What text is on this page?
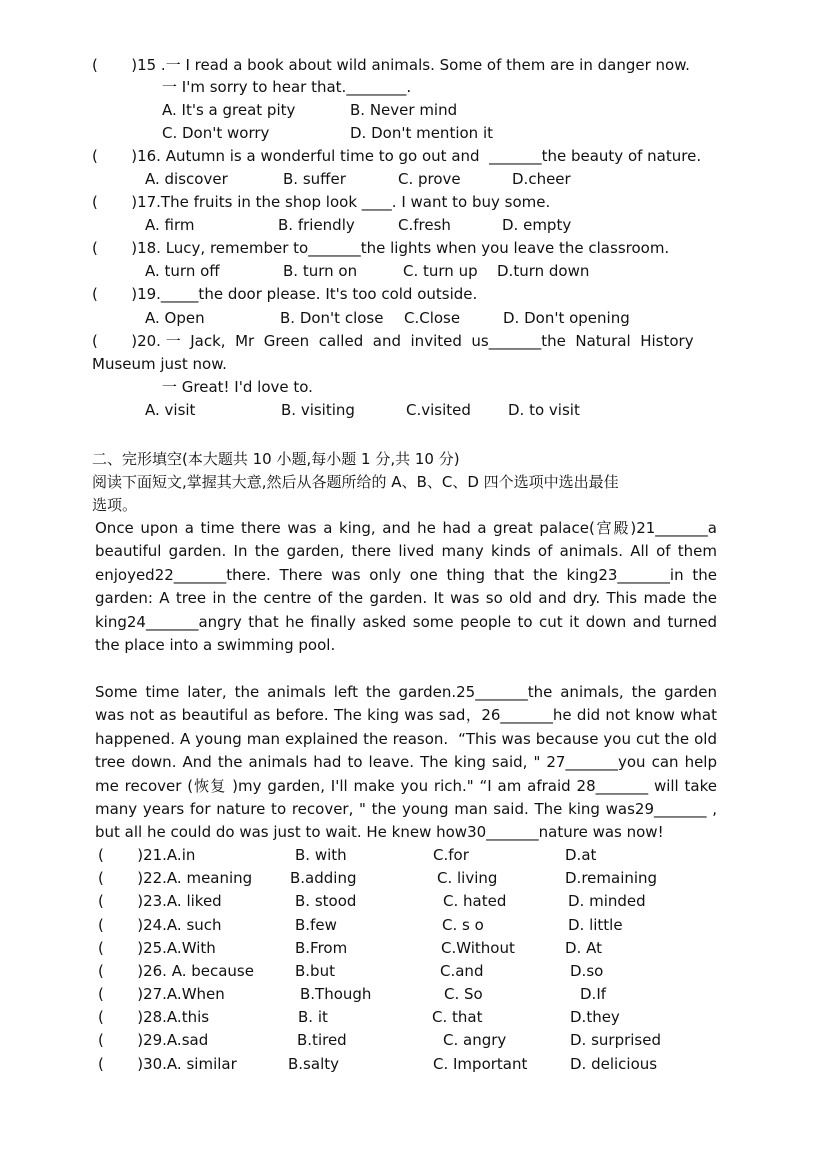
(       )15 .一 I read a book about wild animals. Some of them are in danger now.
一 I'm sorry to hear that.________.
A. It's a great pity	B. Never mind
C. Don't worry	D. Don't mention it
(       )16. Autumn is a wonderful time to go out and  _______the beauty of nature.
A. discover	B. suffer	C. prove	D.cheer
(       )17.The fruits in the shop look ____. I want to buy some.
A. firm	B. friendly	C.fresh	D. empty
(       )18. Lucy, remember to_______the lights when you leave the classroom.
A. turn off	B. turn on	C. turn up D.turn down
(       )19._____the door please. It's too cold outside.
A. Open	B. Don't close C.Close	D. Don't opening
(       )20. 一  Jack,  Mr  Green  called  and  invited  us_______the  Natural  History
Museum just now.
一 Great! I'd love to.
A. visit	B. visiting	C.visited D. to visit
二、完形填空(本大题共 10 小题,每小题 1 分,共 10 分)
阅读下面短文,掌握其大意,然后从各题所给的 A、B、C、D 四个选项中选出最佳
选项。
Once upon a time there was a king, and he had a great palace(宫殿)21_______a
beautiful garden. In the garden, there lived many kinds of animals. All of them
enjoyed22_______there. There was only one thing that the king23_______in the
garden: A tree in the centre of the garden. It was so old and dry. This made the
king24_______angry that he finally asked some people to cut it down and turned
the place into a swimming pool.
Some time later, the animals left the garden.25_______the animals, the garden
was not as beautiful as before. The king was sad，26_______he did not know what
happened. A young man explained the reason.  “This was because you cut the old
tree down. And the animals had to leave. The king said, " 27_______you can help
me recover (恢复 )my garden, I'll make you rich." “I am afraid 28_______ will take
many years for nature to recover, " the young man said. The king was29_______ ,
but all he could do was just to wait. He knew how30_______nature was now!
(       )21.A.in	B. with	C.for	D.at
(       )22.A. meaning	B.adding	C. living	D.remaining
(       )23.A. liked	B. stood	C. hated	D. minded
(       )24.A. such	B.few	C. s o	D. little
(       )25.A.With	B.From	C.Without	D. At
(       )26. A. because	B.but	C.and	D.so
(       )27.A.When	B.Though	C. So	D.If
(       )28.A.this	B. it	C. that	D.they
(       )29.A.sad	B.tired	C. angry	D. surprised
(       )30.A. similar	B.salty	C. Important	D. delicious
